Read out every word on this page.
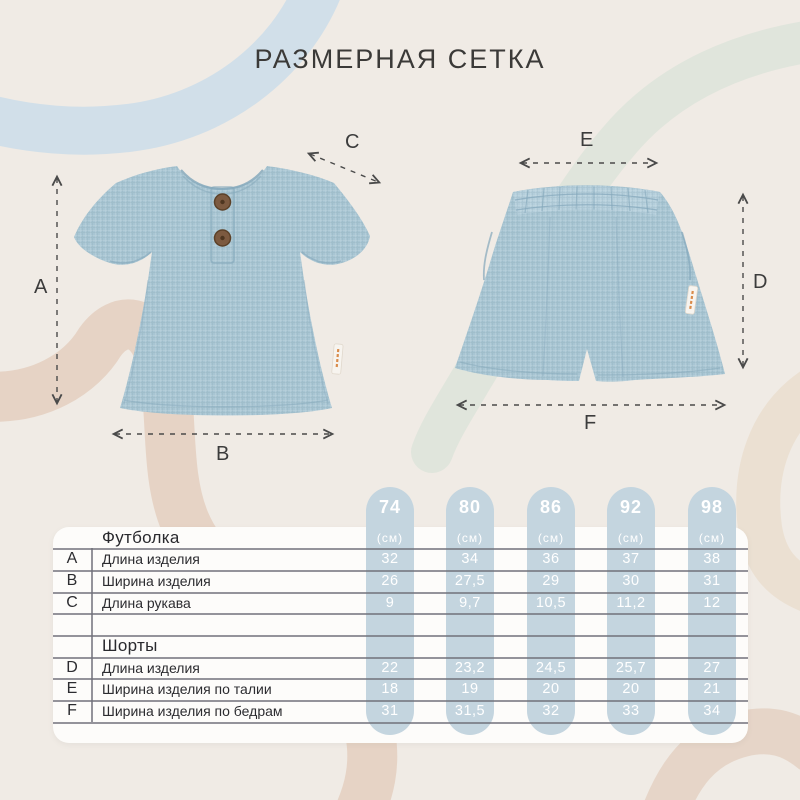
РАЗМЕРНАЯ СЕТКА
А
B
C
D
E
F
74	80	86	92	98
Футболка	(см)	(см)	(см)	(см)	(см)
А	Длина изделия	32	34	36	37	38
В	Ширина изделия	26	27,5	29	30	31
С	Длина рукава	9	9,7	10,5	11,2	12
Шорты
D	Длина изделия	22	23,2	24,5	25,7	27
E	Ширина изделия по талии	18	19	20	20	21
F	Ширина изделия по бедрам	31	31,5	32	33	34
